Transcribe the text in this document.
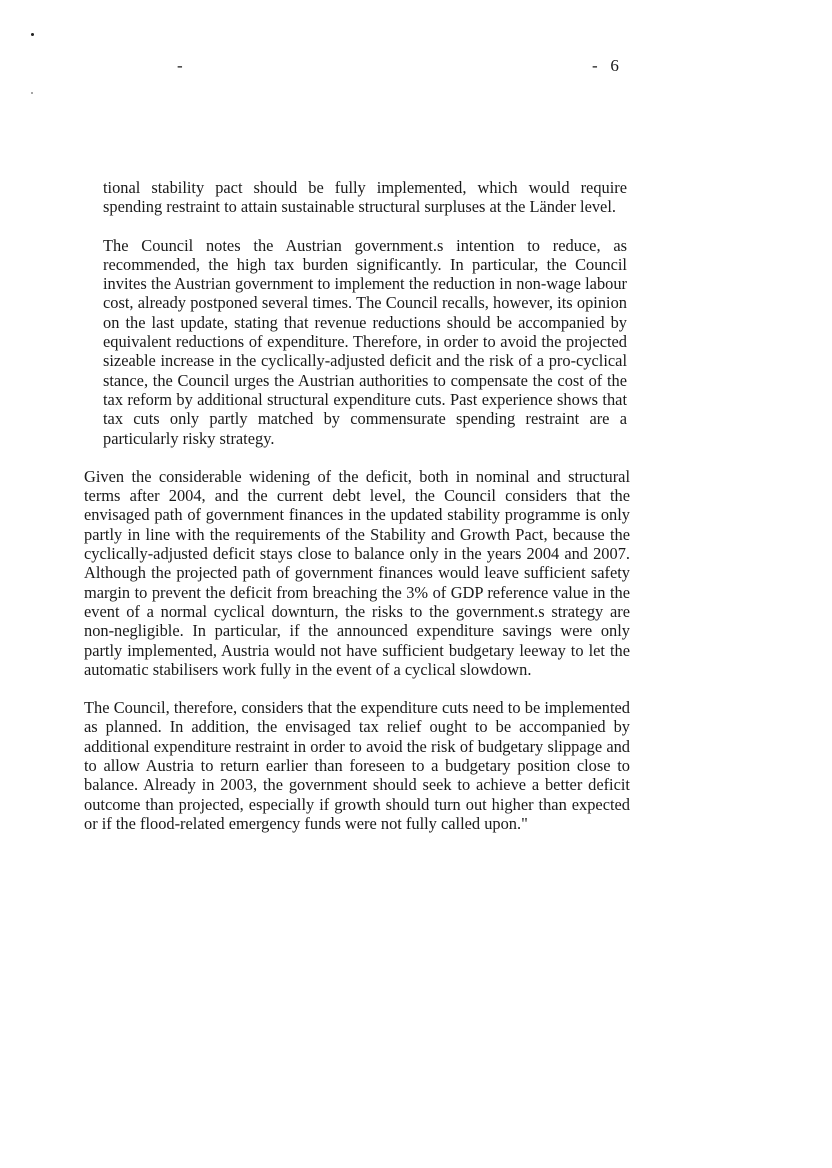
-	-   6

tional stability pact should be fully implemented, which would require spending restraint to attain sustainable structural surpluses at the Länder level.

The Council notes the Austrian government.s intention to reduce, as recommended, the high tax burden significantly. In particular, the Council invites the Austrian government to implement the reduction in non-wage labour cost, already postponed several times. The Council recalls, however, its opinion on the last update, stating that revenue reductions should be accompanied by equivalent reductions of expenditure. Therefore, in order to avoid the projected sizeable increase in the cyclically-adjusted deficit and the risk of a pro-cyclical stance, the Council urges the Austrian authorities to compensate the cost of the tax reform by additional structural expenditure cuts. Past experience shows that tax cuts only partly matched by commensurate spending restraint are a particularly risky strategy.

Given the considerable widening of the deficit, both in nominal and structural terms after 2004, and the current debt level, the Council considers that the envisaged path of government finances in the updated stability programme is only partly in line with the requirements of the Stability and Growth Pact, because the cyclically-adjusted deficit stays close to balance only in the years 2004 and 2007. Although the projected path of government finances would leave sufficient safety margin to prevent the deficit from breaching the 3% of GDP reference value in the event of a normal cyclical downturn, the risks to the government.s strategy are non-negligible. In particular, if the announced expenditure savings were only partly implemented, Austria would not have sufficient budgetary leeway to let the automatic stabilisers work fully in the event of a cyclical slowdown.

The Council, therefore, considers that the expenditure cuts need to be implemented as planned. In addition, the envisaged tax relief ought to be accompanied by additional expenditure restraint in order to avoid the risk of budgetary slippage and to allow Austria to return earlier than foreseen to a budgetary position close to balance. Already in 2003, the government should seek to achieve a better deficit outcome than projected, especially if growth should turn out higher than expected or if the flood-related emergency funds were not fully called upon."
